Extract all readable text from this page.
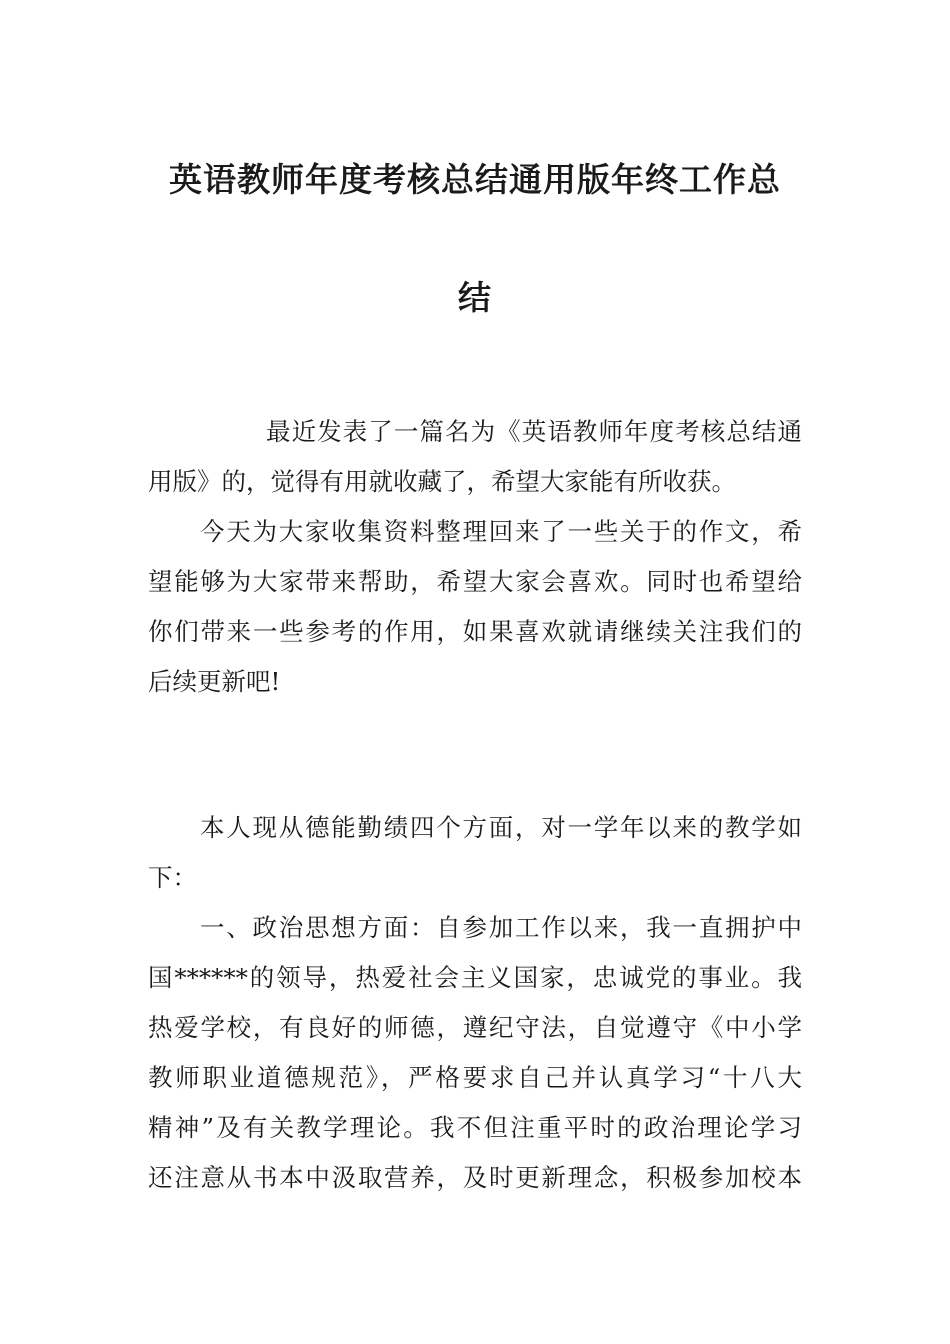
英语教师年度考核总结通用版年终工作总
结

最近发表了一篇名为《英语教师年度考核总结通
用版》的，觉得有用就收藏了，希望大家能有所收获。

今天为大家收集资料整理回来了一些关于的作文，希
望能够为大家带来帮助，希望大家会喜欢。同时也希望给
你们带来一些参考的作用，如果喜欢就请继续关注我们的
后续更新吧!

本人现从德能勤绩四个方面，对一学年以来的教学如
下：

一、政治思想方面：自参加工作以来，我一直拥护中
国******的领导，热爱社会主义国家，忠诚党的事业。我
热爱学校，有良好的师德，遵纪守法，自觉遵守《中小学
教师职业道德规范》，严格要求自己并认真学习“十八大
精神”及有关教学理论。我不但注重平时的政治理论学习
还注意从书本中汲取营养，及时更新理念，积极参加校本
